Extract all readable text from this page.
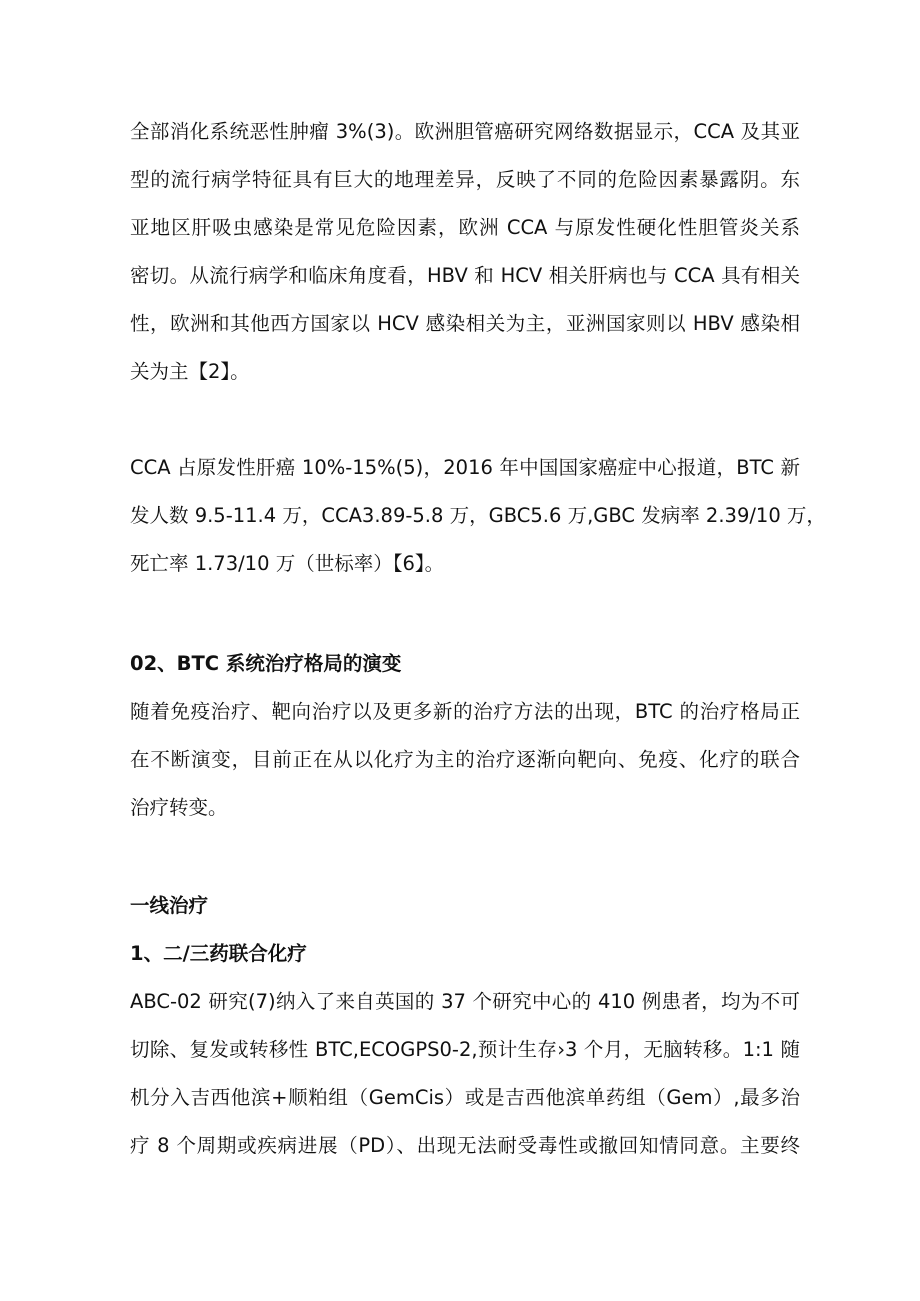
全部消化系统恶性肿瘤 3%(3)。欧洲胆管癌研究网络数据显示，CCA 及其亚
型的流行病学特征具有巨大的地理差异，反映了不同的危险因素暴露阴。东
亚地区肝吸虫感染是常见危险因素，欧洲 CCA 与原发性硬化性胆管炎关系
密切。从流行病学和临床角度看，HBV 和 HCV 相关肝病也与 CCA 具有相关
性，欧洲和其他西方国家以 HCV 感染相关为主，亚洲国家则以 HBV 感染相
关为主【2】。
CCA 占原发性肝癌 10%-15%(5)，2016 年中国国家癌症中心报道，BTC 新
发人数 9.5-11.4 万，CCA3.89-5.8 万，GBC5.6 万,GBC 发病率 2.39/10 万，
死亡率 1.73/10 万（世标率）【6】。
02、BTC 系统治疗格局的演变
随着免疫治疗、靶向治疗以及更多新的治疗方法的出现，BTC 的治疗格局正
在不断演变，目前正在从以化疗为主的治疗逐渐向靶向、免疫、化疗的联合
治疗转变。
一线治疗
1、二/三药联合化疗
ABC-02 研究(7)纳入了来自英国的 37 个研究中心的 410 例患者，均为不可
切除、复发或转移性 BTC,ECOGPS0-2,预计生存›3 个月，无脑转移。1:1 随
机分入吉西他滨+顺粕组（GemCis）或是吉西他滨单药组（Gem）,最多治
疗 8 个周期或疾病进展（PD）、出现无法耐受毒性或撤回知情同意。主要终
